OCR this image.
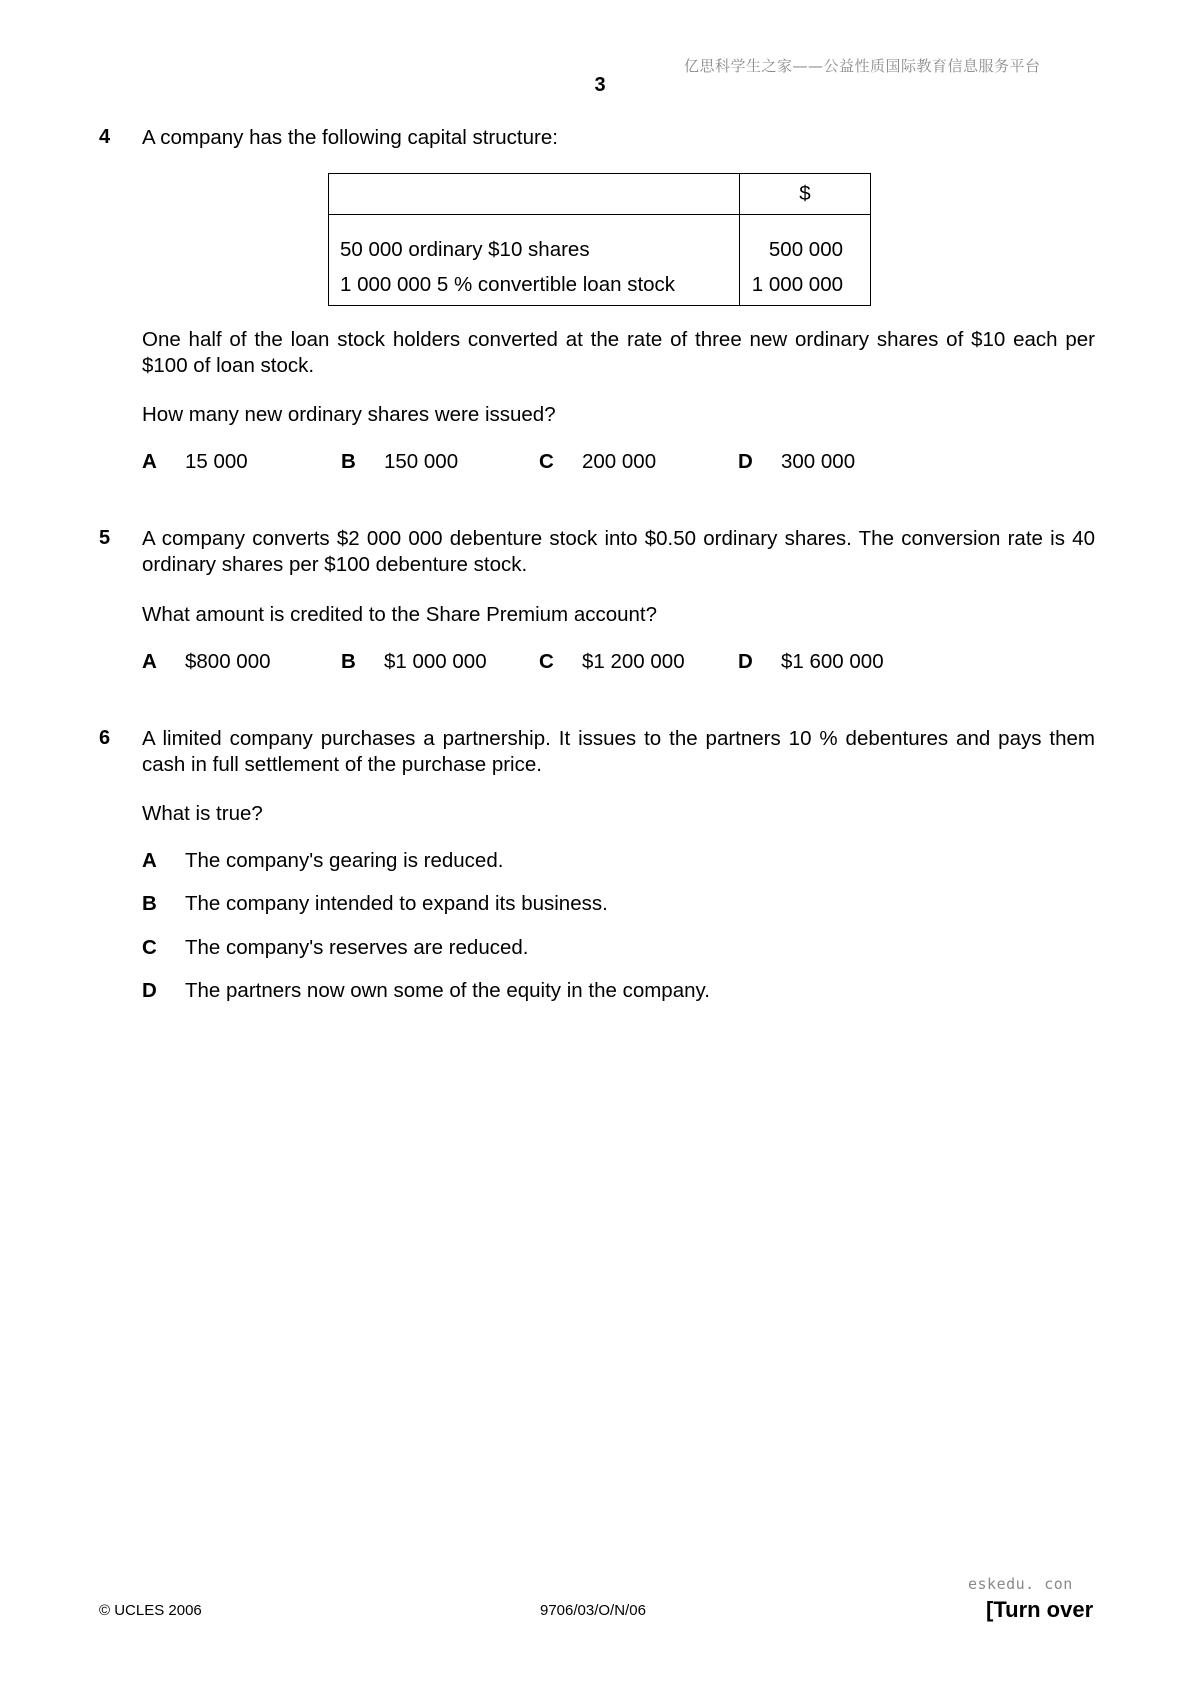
亿思科学生之家——公益性质国际教育信息服务平台
3
4 A company has the following capital structure:
	$
50 000 ordinary $10 shares	500 000
1 000 000 5 % convertible loan stock	1 000 000
One half of the loan stock holders converted at the rate of three new ordinary shares of $10 each per $100 of loan stock.
How many new ordinary shares were issued?
A 15 000	B 150 000	C 200 000	D 300 000
5 A company converts $2 000 000 debenture stock into $0.50 ordinary shares. The conversion rate is 40 ordinary shares per $100 debenture stock.
What amount is credited to the Share Premium account?
A $800 000	B $1 000 000	C $1 200 000	D $1 600 000
6 A limited company purchases a partnership. It issues to the partners 10 % debentures and pays them cash in full settlement of the purchase price.
What is true?
A The company's gearing is reduced.
B The company intended to expand its business.
C The company's reserves are reduced.
D The partners now own some of the equity in the company.
eskedu. con
© UCLES 2006	9706/03/O/N/06	[Turn over
